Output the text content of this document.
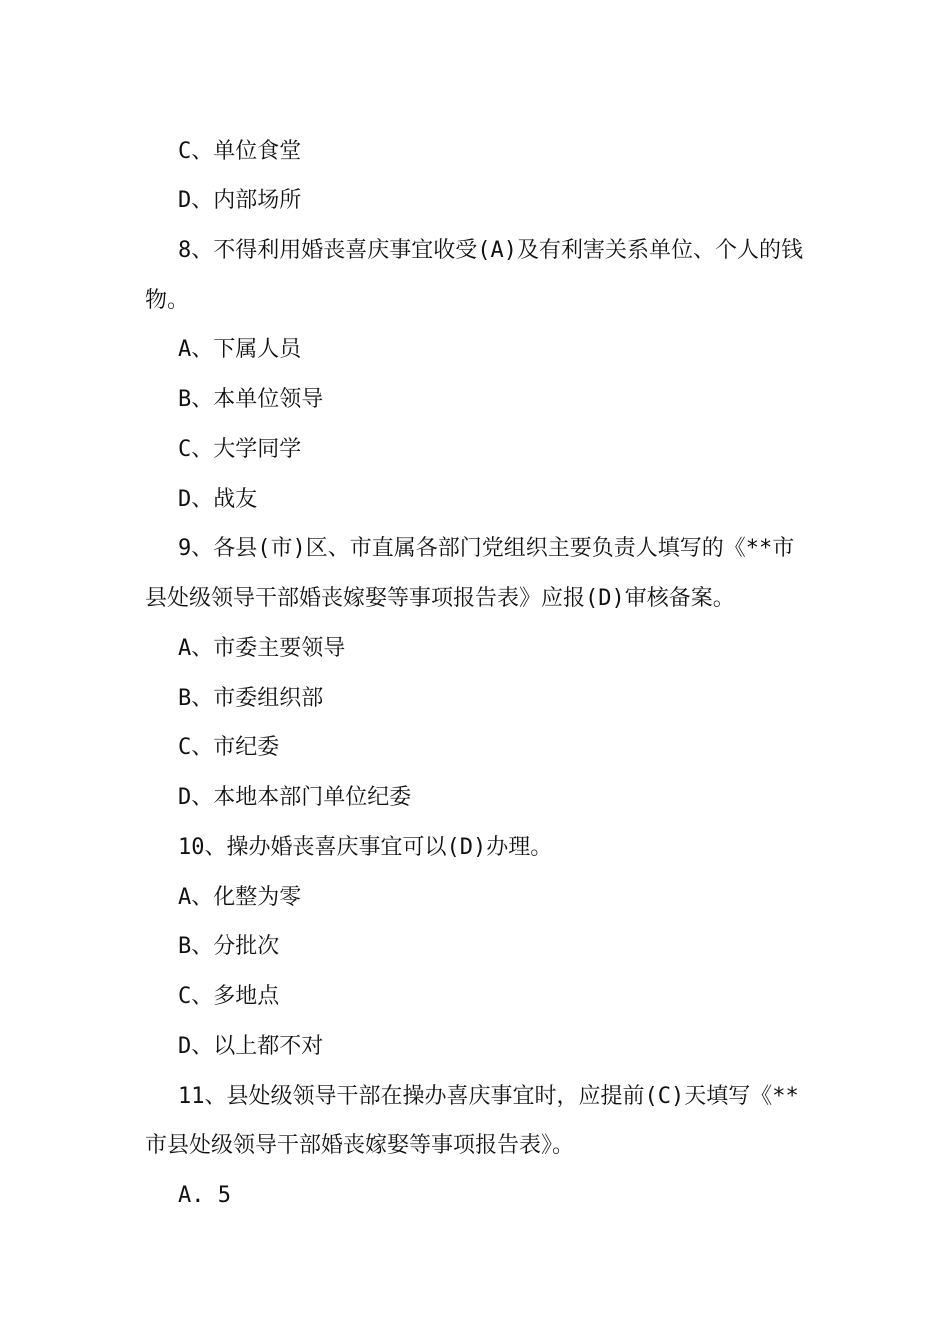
C、单位食堂
D、内部场所
8、不得利用婚丧喜庆事宜收受(A)及有利害关系单位、个人的钱
物。
A、下属人员
B、本单位领导
C、大学同学
D、战友
9、各县(市)区、市直属各部门党组织主要负责人填写的《**市
县处级领导干部婚丧嫁娶等事项报告表》应报(D)审核备案。
A、市委主要领导
B、市委组织部
C、市纪委
D、本地本部门单位纪委
10、操办婚丧喜庆事宜可以(D)办理。
A、化整为零
B、分批次
C、多地点
D、以上都不对
11、县处级领导干部在操办喜庆事宜时，应提前(C)天填写《**
市县处级领导干部婚丧嫁娶等事项报告表》。
A. 5
